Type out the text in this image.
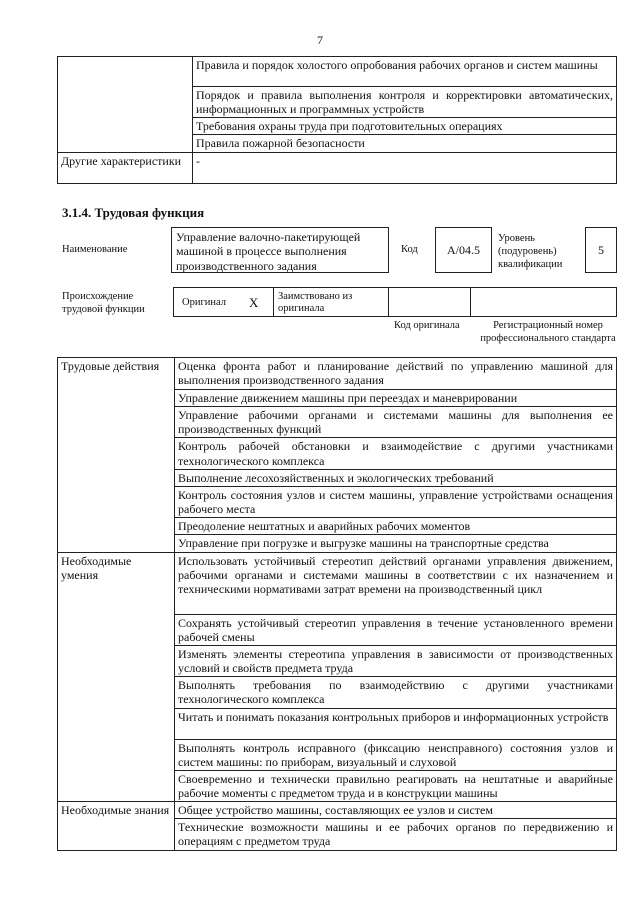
7
	Правила и порядок холостого опробования рабочих органов и систем машины
	Порядок и правила выполнения контроля и корректировки автоматических, информационных и программных устройств
	Требования охраны труда при подготовительных операциях
	Правила пожарной безопасности
Другие характеристики	-
3.1.4. Трудовая функция
Наименование
Управление валочно-пакетирующей машиной в процессе выполнения производственного задания
Код	A/04.5
Уровень (подуровень) квалификации
5
Происхождение трудовой функции
Оригинал X Заимствовано из оригинала
Код оригинала	Регистрационный номер профессионального стандарта
Трудовые действия	Оценка фронта работ и планирование действий по управлению машиной для выполнения производственного задания
	Управление движением машины при переездах и маневрировании
	Управление рабочими органами и системами машины для выполнения ее производственных функций
	Контроль рабочей обстановки и взаимодействие с другими участниками технологического комплекса
	Выполнение лесохозяйственных и экологических требований
	Контроль состояния узлов и систем машины, управление устройствами оснащения рабочего места
	Преодоление нештатных и аварийных рабочих моментов
	Управление при погрузке и выгрузке машины на транспортные средства
Необходимые умения	Использовать устойчивый стереотип действий органами управления движением, рабочими органами и системами машины в соответствии с их назначением и техническими нормативами затрат времени на производственный цикл
	Сохранять устойчивый стереотип управления в течение установленного времени рабочей смены
	Изменять элементы стереотипа управления в зависимости от производственных условий и свойств предмета труда
	Выполнять требования по взаимодействию с другими участниками технологического комплекса
	Читать и понимать показания контрольных приборов и информационных устройств
	Выполнять контроль исправного (фиксацию неисправного) состояния узлов и систем машины: по приборам, визуальный и слуховой
	Своевременно и технически правильно реагировать на нештатные и аварийные рабочие моменты с предметом труда и в конструкции машины
Необходимые знания	Общее устройство машины, составляющих ее узлов и систем
	Технические возможности машины и ее рабочих органов по передвижению и операциям с предметом труда
